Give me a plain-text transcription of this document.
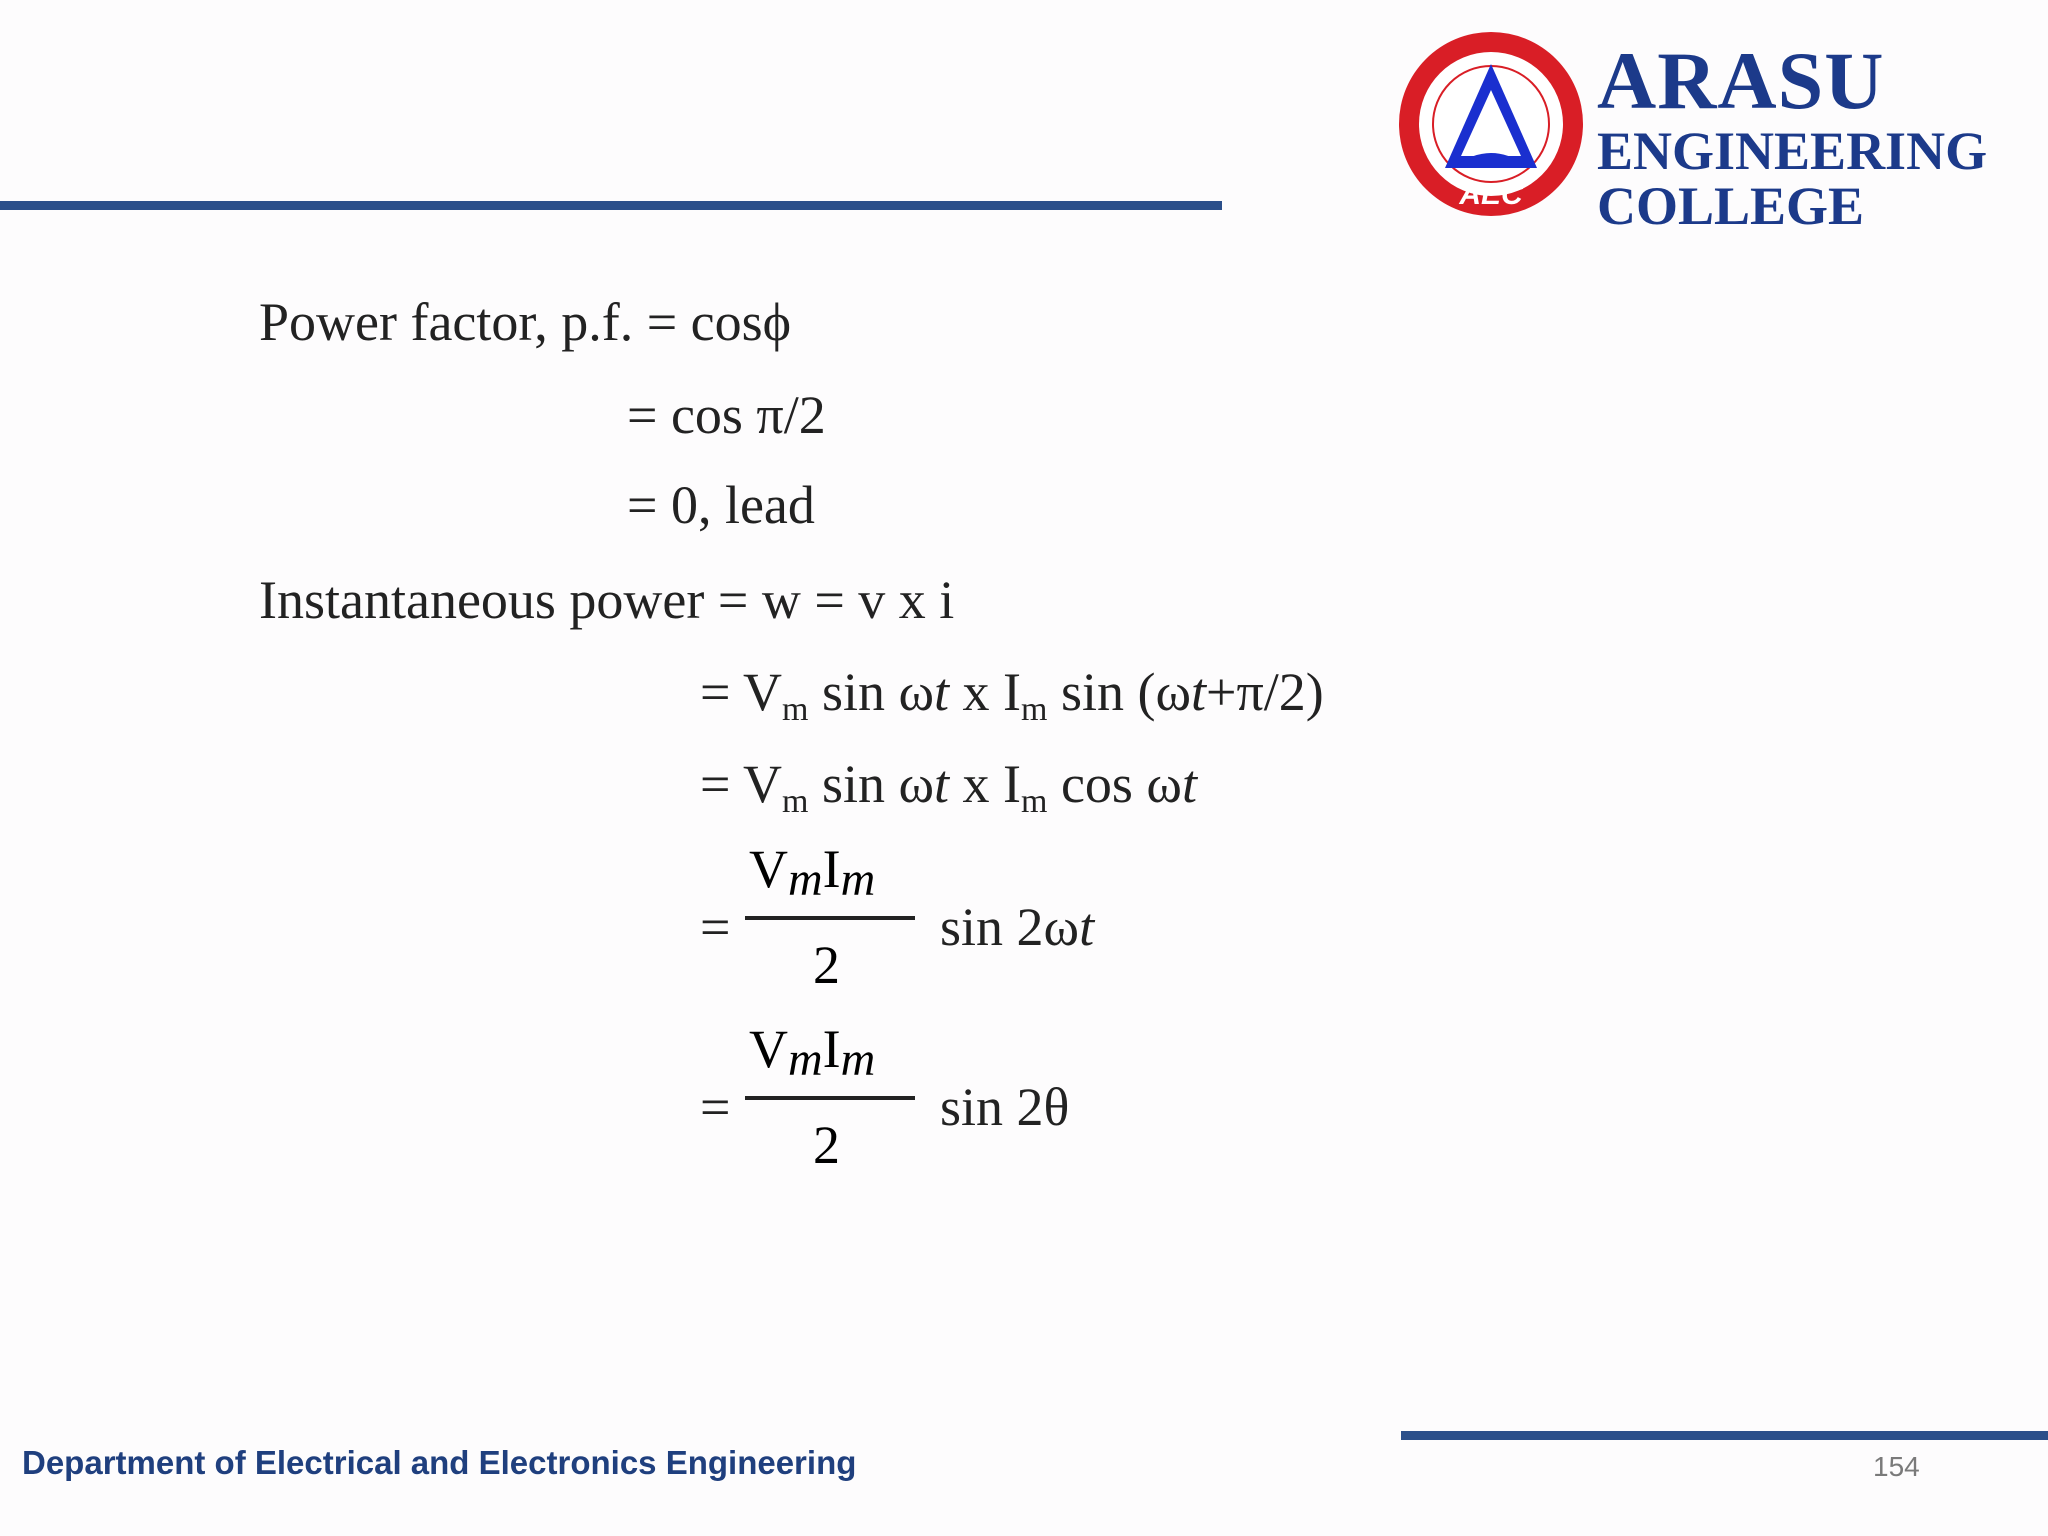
AEC
ARASU
ENGINEERING
COLLEGE
Power factor, p.f. = cosϕ
= cos π/2
= 0, lead
Instantaneous power = w = v x i
= $V_m$ sin ωt x $I_m$ sin (ωt+π/2)
= $V_m$ sin ωt x $I_m$ cos ωt
=
$V_mI_m$
2
sin 2ωt
=
$V_mI_m$
2
sin 2θ
Department of Electrical and Electronics Engineering	154
